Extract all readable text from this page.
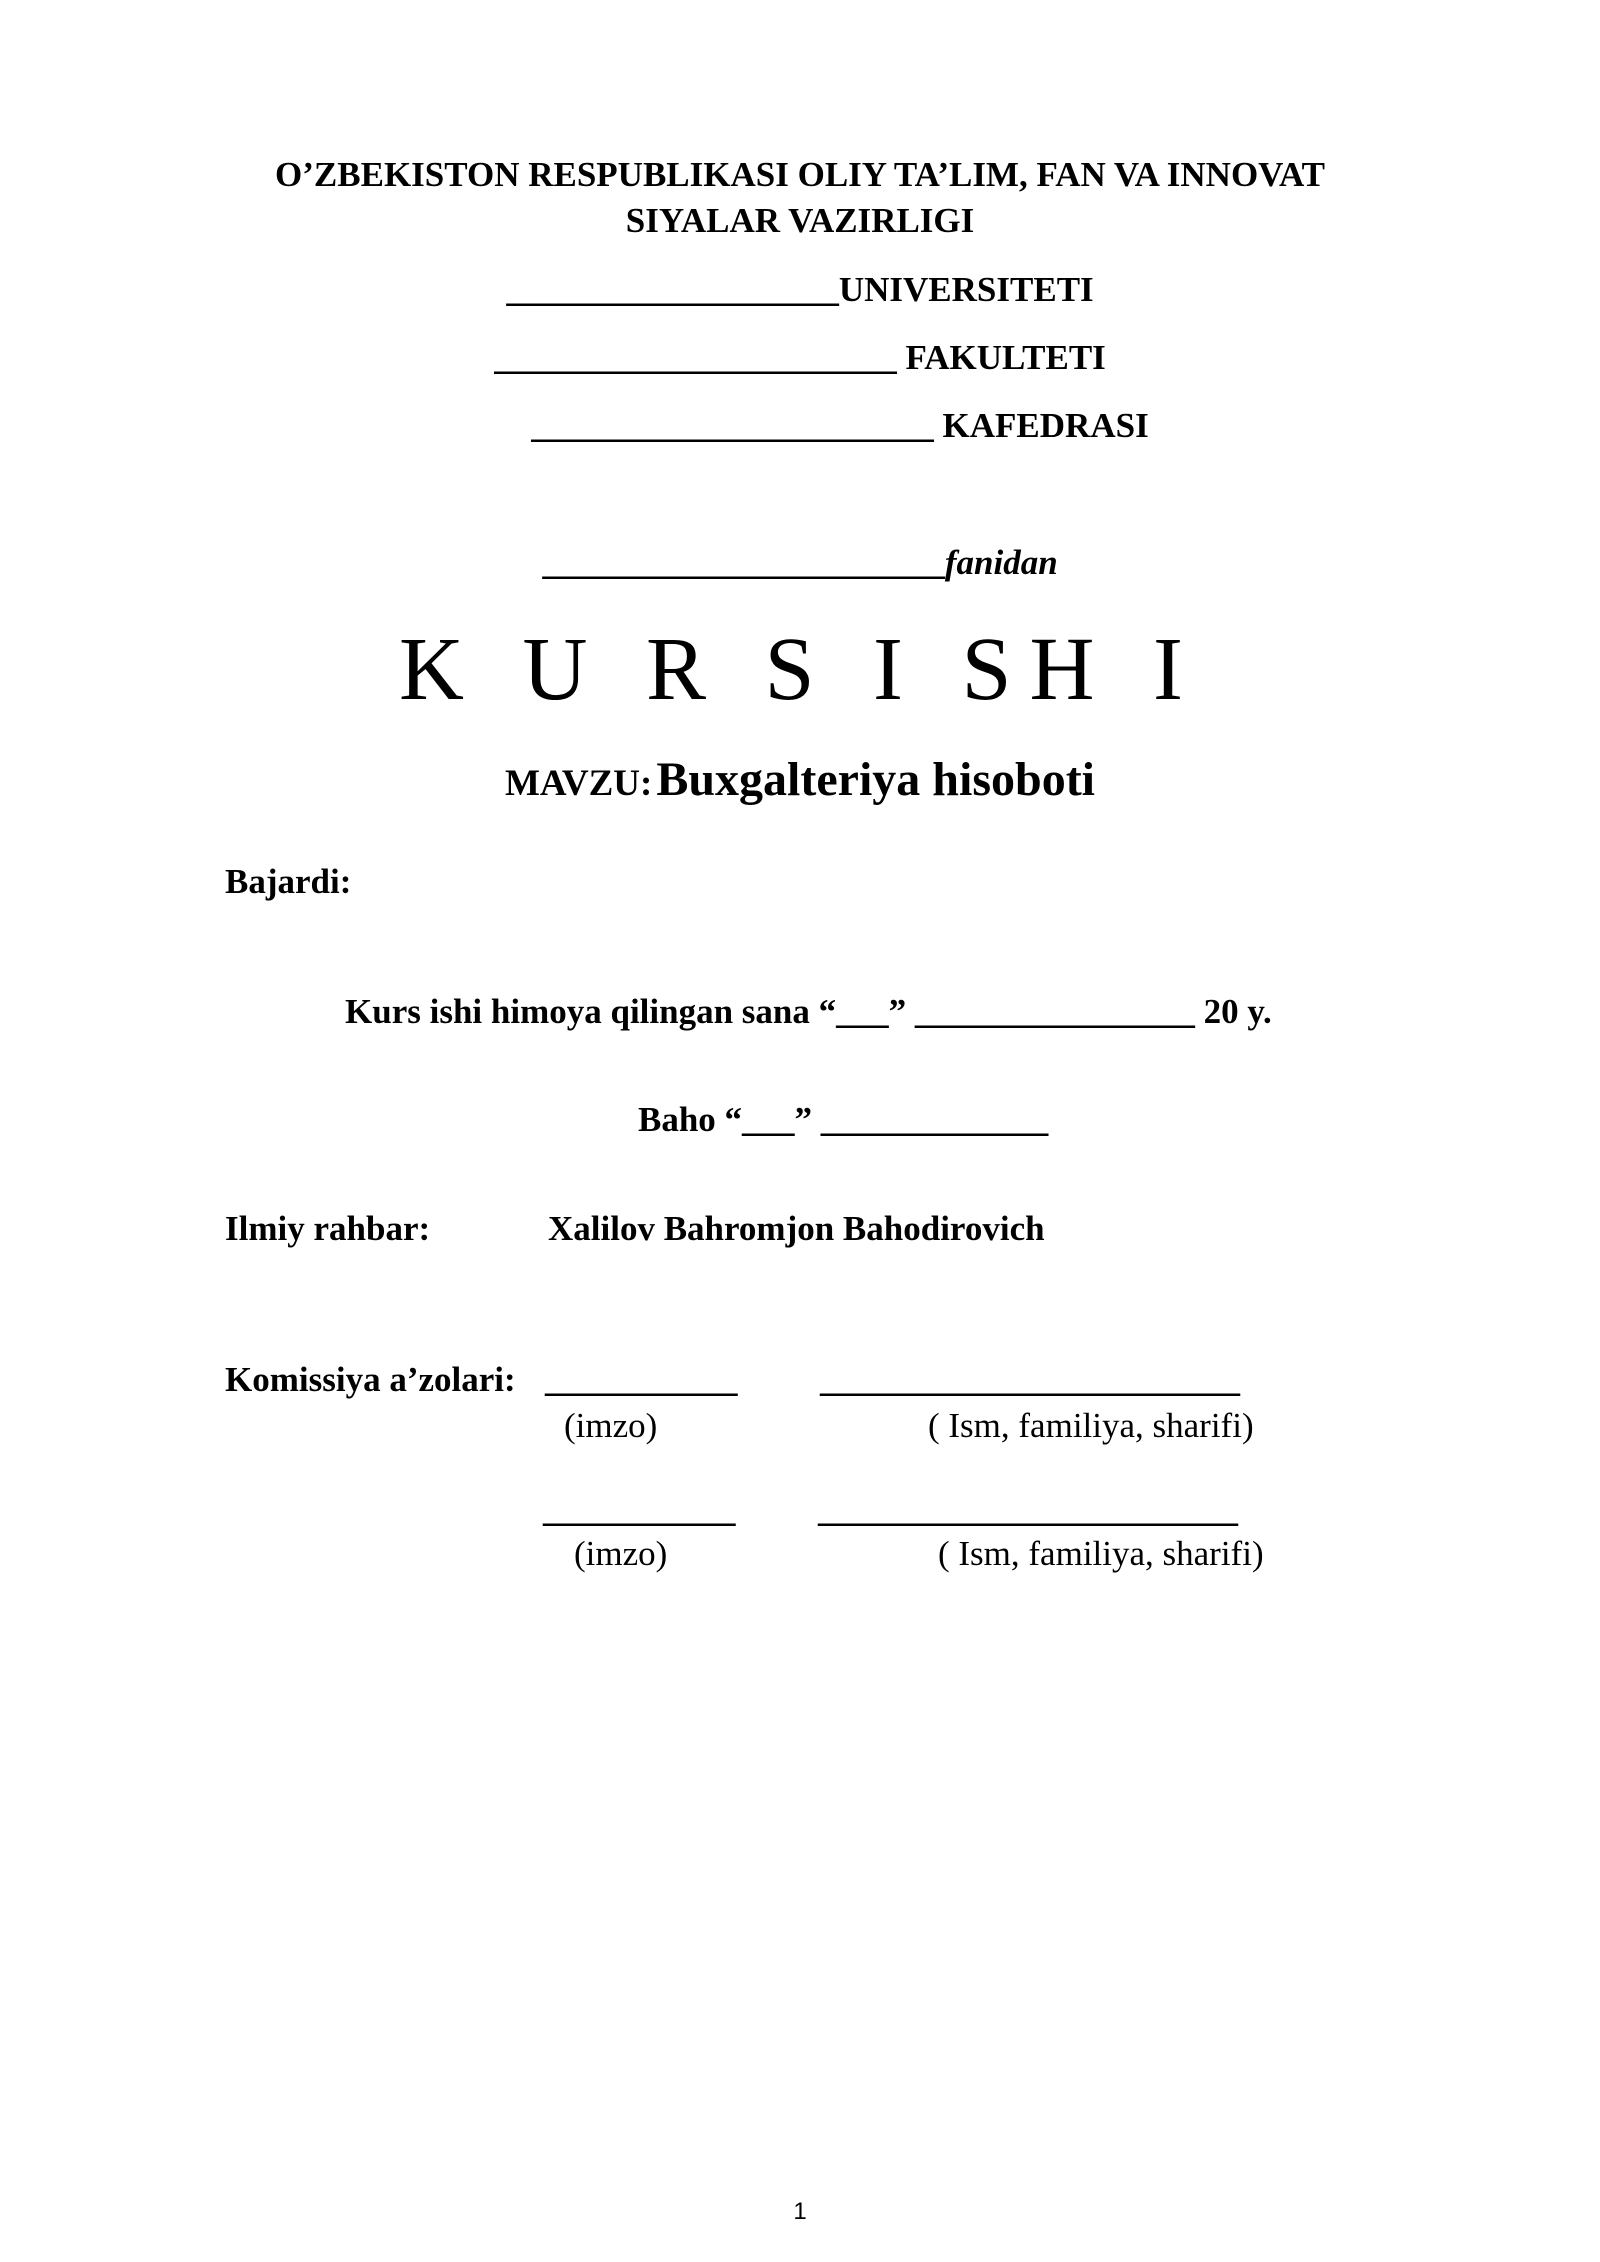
O’ZBEKISTON RESPUBLIKASI OLIY TA’LIM, FAN VA INNOVAT
SIYALAR VAZIRLIGI
___________________UNIVERSITETI
_______________________ FAKULTETI
_______________________ KAFEDRASI
_______________________fanidan
K U R S I SH I
MAVZU: Buxgalteriya hisoboti
Bajardi:
Kurs ishi himoya qilingan sana “___” ________________ 20 y.
Baho “___” _____________
Ilmiy rahbar:	Xalilov Bahromjon Bahodirovich
Komissiya a’zolari: ___________ ________________________
(imzo)	( Ism, familiya, sharifi)
___________ ________________________
(imzo)	( Ism, familiya, sharifi)
1
